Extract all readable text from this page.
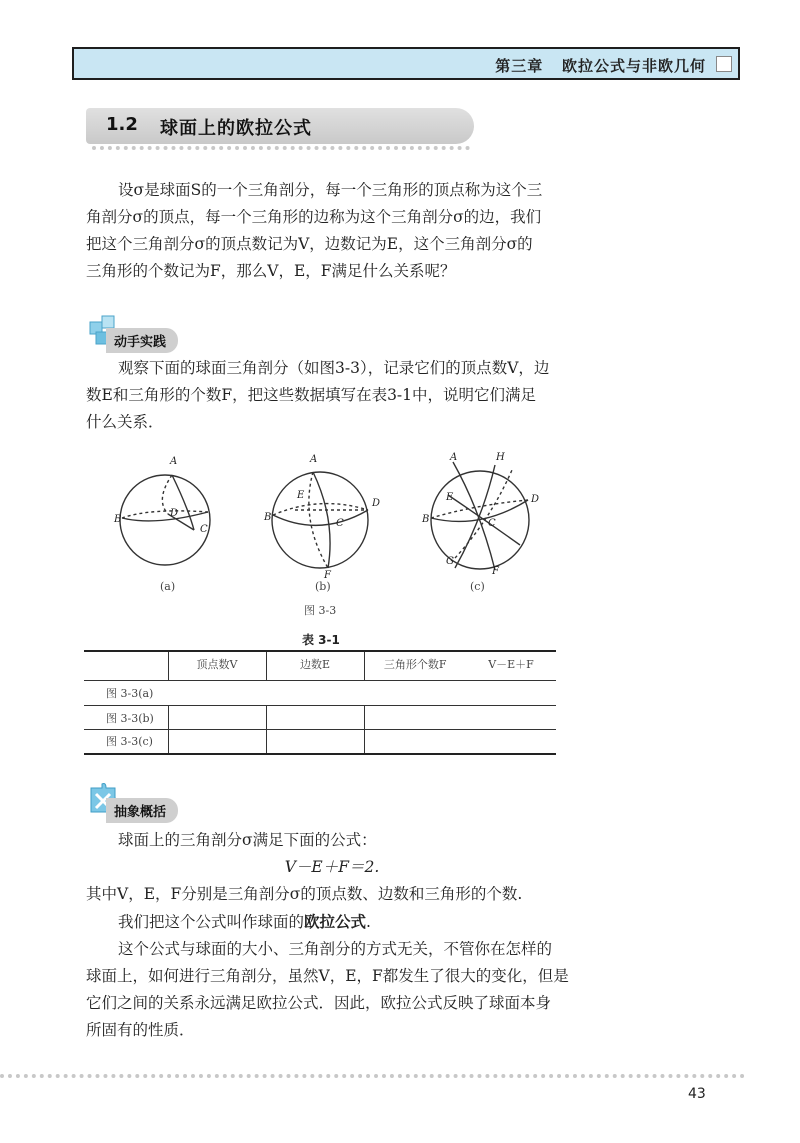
第三章 欧拉公式与非欧几何
1.2 球面上的欧拉公式

设σ是球面S的一个三角剖分，每一个三角形的顶点称为这个三

角剖分σ的顶点，每一个三角形的边称为这个三角剖分σ的边，我们

把这个三角剖分σ的顶点数记为V，边数记为E，这个三角剖分σ的

三角形的个数记为F，那么V，E，F满足什么关系呢？

动手实践

观察下面的球面三角剖分（如图3-3），记录它们的顶点数V，边

数E和三角形的个数F，把这些数据填写在表3-1中，说明它们满足

什么关系．

A
B
C
D
A
B
C
D
E
F
A	H
B	C
D
E
F
G
(a)	(b)	(c)
图 3-3
表 3-1
	顶点数V	边数E	三角形个数F	V－E＋F
图 3-3(a)				
图 3-3(b)				
图 3-3(c)				
抽象概括

球面上的三角剖分σ满足下面的公式：

V－E＋F＝2.

其中V，E，F分别是三角剖分σ的顶点数、边数和三角形的个数.

我们把这个公式叫作球面的欧拉公式.

这个公式与球面的大小、三角剖分的方式无关，不管你在怎样的

球面上，如何进行三角剖分，虽然V，E，F都发生了很大的变化，但是

它们之间的关系永远满足欧拉公式．因此，欧拉公式反映了球面本身

所固有的性质．

43
